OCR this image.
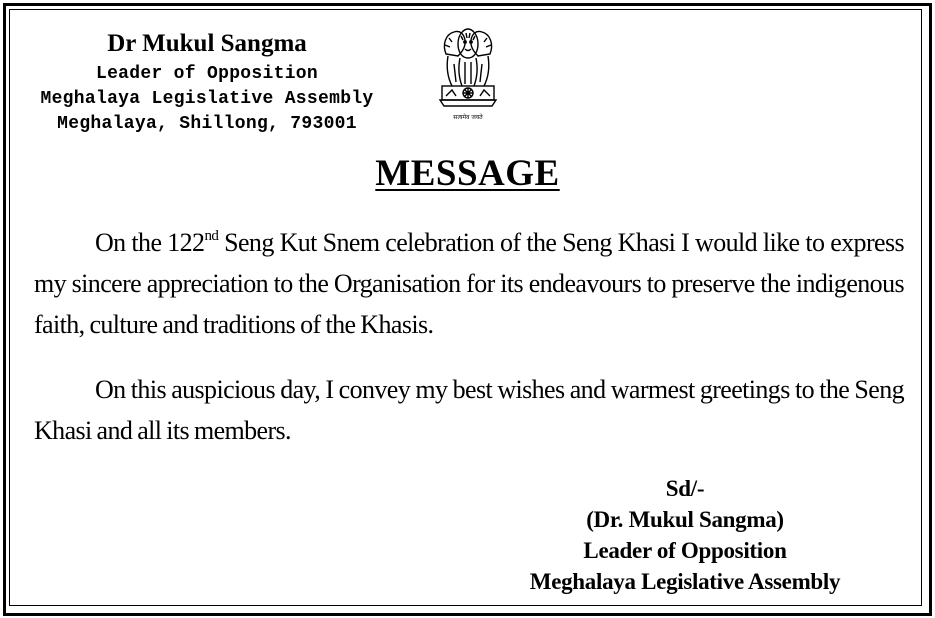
Dr Mukul Sangma
Leader of Opposition
Meghalaya Legislative Assembly
Meghalaya, Shillong, 793001	सत्यमेव जयते
MESSAGE
On the 122nd Seng Kut Snem celebration of the Seng Khasi I would like to express my sincere appreciation to the Organisation for its endeavours to preserve the indigenous faith, culture and traditions of the Khasis.
On this auspicious day, I convey my best wishes and warmest greetings to the Seng Khasi and all its members.
Sd/-
(Dr. Mukul Sangma)
Leader of Opposition
Meghalaya Legislative Assembly
